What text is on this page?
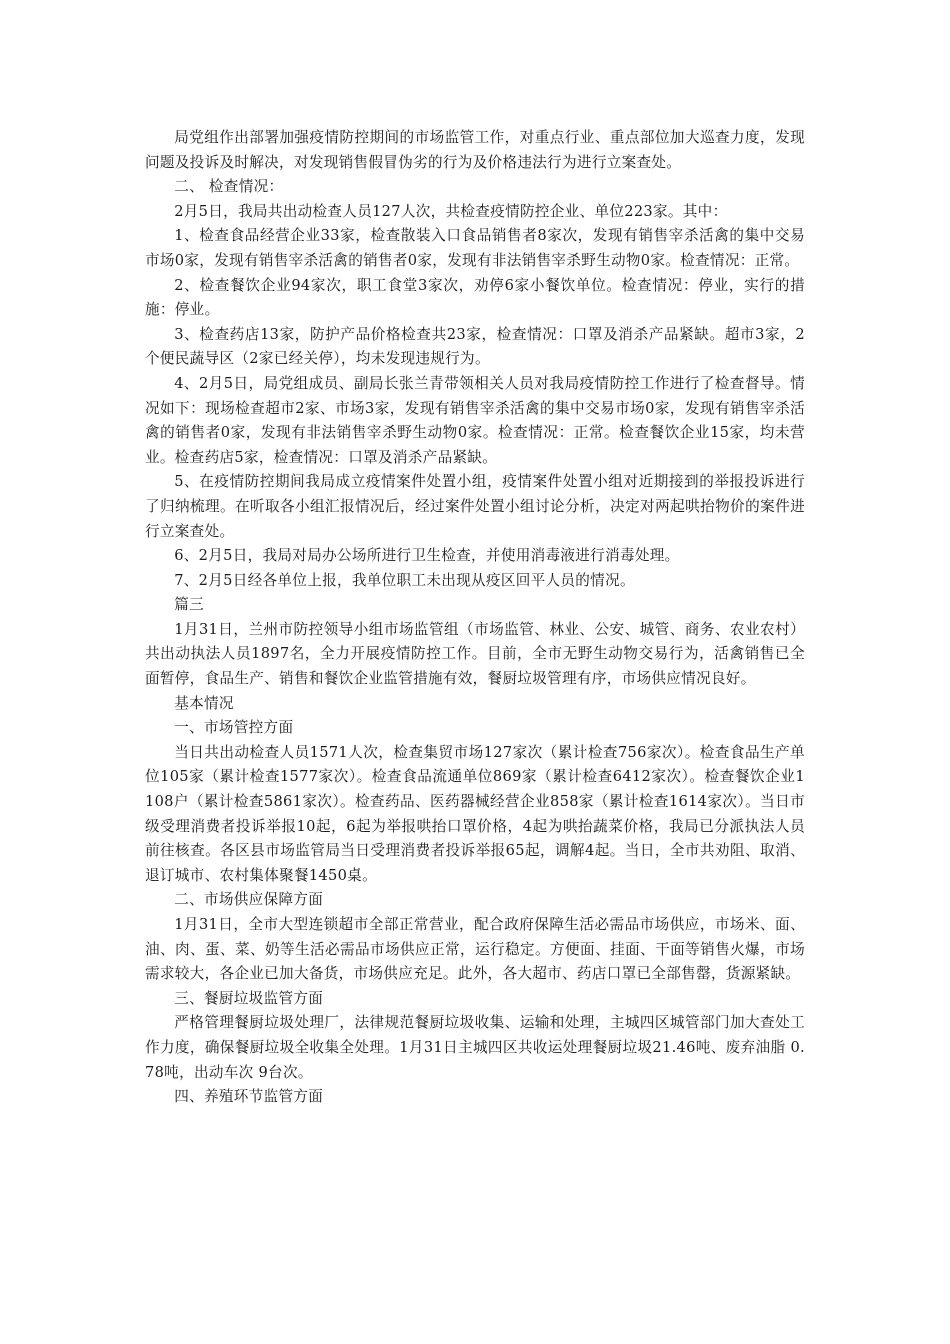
局党组作出部署加强疫情防控期间的市场监管工作，对重点行业、重点部位加大巡查力度，发现问题及投诉及时解决，对发现销售假冒伪劣的行为及价格违法行为进行立案查处。

二、 检查情况：

2月5日，我局共出动检查人员127人次，共检查疫情防控企业、单位223家。其中：

1、检查食品经营企业33家，检查散装入口食品销售者8家次，发现有销售宰杀活禽的集中交易市场0家，发现有销售宰杀活禽的销售者0家，发现有非法销售宰杀野生动物0家。检查情况：正常。

2、检查餐饮企业94家次，职工食堂3家次，劝停6家小餐饮单位。检查情况：停业，实行的措施：停业。

3、检查药店13家，防护产品价格检查共23家，检查情况：口罩及消杀产品紧缺。超市3家，2个便民蔬导区（2家已经关停），均未发现违规行为。

4、2月5日，局党组成员、副局长张兰青带领相关人员对我局疫情防控工作进行了检查督导。情况如下：现场检查超市2家、市场3家，发现有销售宰杀活禽的集中交易市场0家，发现有销售宰杀活禽的销售者0家，发现有非法销售宰杀野生动物0家。检查情况：正常。检查餐饮企业15家，均未营业。检查药店5家，检查情况：口罩及消杀产品紧缺。

5、在疫情防控期间我局成立疫情案件处置小组，疫情案件处置小组对近期接到的举报投诉进行了归纳梳理。在听取各小组汇报情况后，经过案件处置小组讨论分析，决定对两起哄抬物价的案件进行立案查处。

6、2月5日，我局对局办公场所进行卫生检查，并使用消毒液进行消毒处理。

7、2月5日经各单位上报，我单位职工未出现从疫区回平人员的情况。

篇三

1月31日，兰州市防控领导小组市场监管组（市场监管、林业、公安、城管、商务、农业农村）共出动执法人员1897名，全力开展疫情防控工作。目前，全市无野生动物交易行为，活禽销售已全面暂停，食品生产、销售和餐饮企业监管措施有效，餐厨垃圾管理有序，市场供应情况良好。

基本情况

一、市场管控方面

当日共出动检查人员1571人次，检查集贸市场127家次（累计检查756家次）。检查食品生产单位105家（累计检查1577家次）。检查食品流通单位869家（累计检查6412家次）。检查餐饮企业1108户（累计检查5861家次）。检查药品、医药器械经营企业858家（累计检查1614家次）。当日市级受理消费者投诉举报10起，6起为举报哄抬口罩价格，4起为哄抬蔬菜价格，我局已分派执法人员前往核查。各区县市场监管局当日受理消费者投诉举报65起，调解4起。当日，全市共劝阻、取消、退订城市、农村集体聚餐1450桌。

二、市场供应保障方面

1月31日，全市大型连锁超市全部正常营业，配合政府保障生活必需品市场供应，市场米、面、油、肉、蛋、菜、奶等生活必需品市场供应正常，运行稳定。方便面、挂面、干面等销售火爆，市场需求较大，各企业已加大备货，市场供应充足。此外，各大超市、药店口罩已全部售罄，货源紧缺。

三、餐厨垃圾监管方面

严格管理餐厨垃圾处理厂，法律规范餐厨垃圾收集、运输和处理，主城四区城管部门加大查处工作力度，确保餐厨垃圾全收集全处理。1月31日主城四区共收运处理餐厨垃圾21.46吨、废弃油脂 0.78吨，出动车次 9台次。

四、养殖环节监管方面
